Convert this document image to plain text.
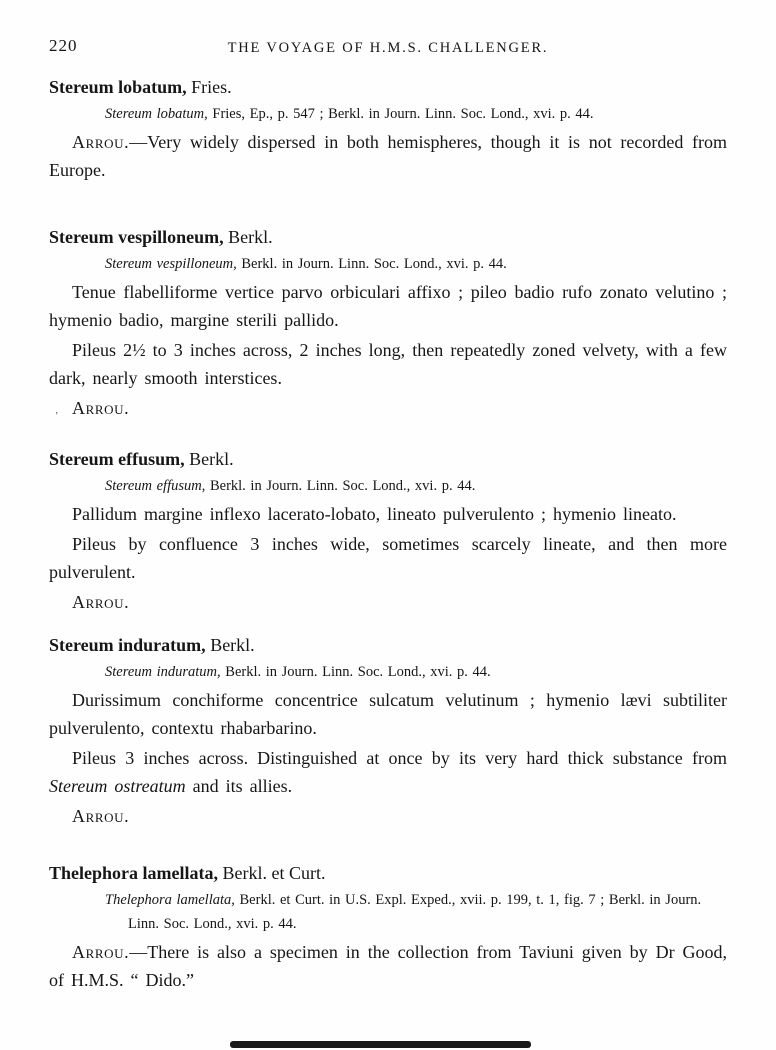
220	THE VOYAGE OF H.M.S. CHALLENGER.
Stereum lobatum, Fries.

Stereum lobatum, Fries, Ep., p. 547 ; Berkl. in Journ. Linn. Soc. Lond., xvi. p. 44.

Arrou.—Very widely dispersed in both hemispheres, though it is not recorded from Europe.

Stereum vespilloneum, Berkl.

Stereum vespilloneum, Berkl. in Journ. Linn. Soc. Lond., xvi. p. 44.

Tenue flabelliforme vertice parvo orbiculari affixo ; pileo badio rufo zonato velutino ; hymenio badio, margine sterili pallido.

Pileus 2½ to 3 inches across, 2 inches long, then repeatedly zoned velvety, with a few dark, nearly smooth interstices.

’ Arrou.

Stereum effusum, Berkl.

Stereum effusum, Berkl. in Journ. Linn. Soc. Lond., xvi. p. 44.

Pallidum margine inflexo lacerato-lobato, lineato pulverulento ; hymenio lineato.

Pileus by confluence 3 inches wide, sometimes scarcely lineate, and then more pulverulent.

Arrou.

Stereum induratum, Berkl.

Stereum induratum, Berkl. in Journ. Linn. Soc. Lond., xvi. p. 44.

Durissimum conchiforme concentrice sulcatum velutinum ; hymenio lævi subtiliter pulverulento, contextu rhabarbarino.

Pileus 3 inches across. Distinguished at once by its very hard thick substance from Stereum ostreatum and its allies.

Arrou.

Thelephora lamellata, Berkl. et Curt.

Thelephora lamellata, Berkl. et Curt. in U.S. Expl. Exped., xvii. p. 199, t. 1, fig. 7 ; Berkl. in Journ. Linn. Soc. Lond., xvi. p. 44.

Arrou.—There is also a specimen in the collection from Taviuni given by Dr Good, of H.M.S. “ Dido.”
